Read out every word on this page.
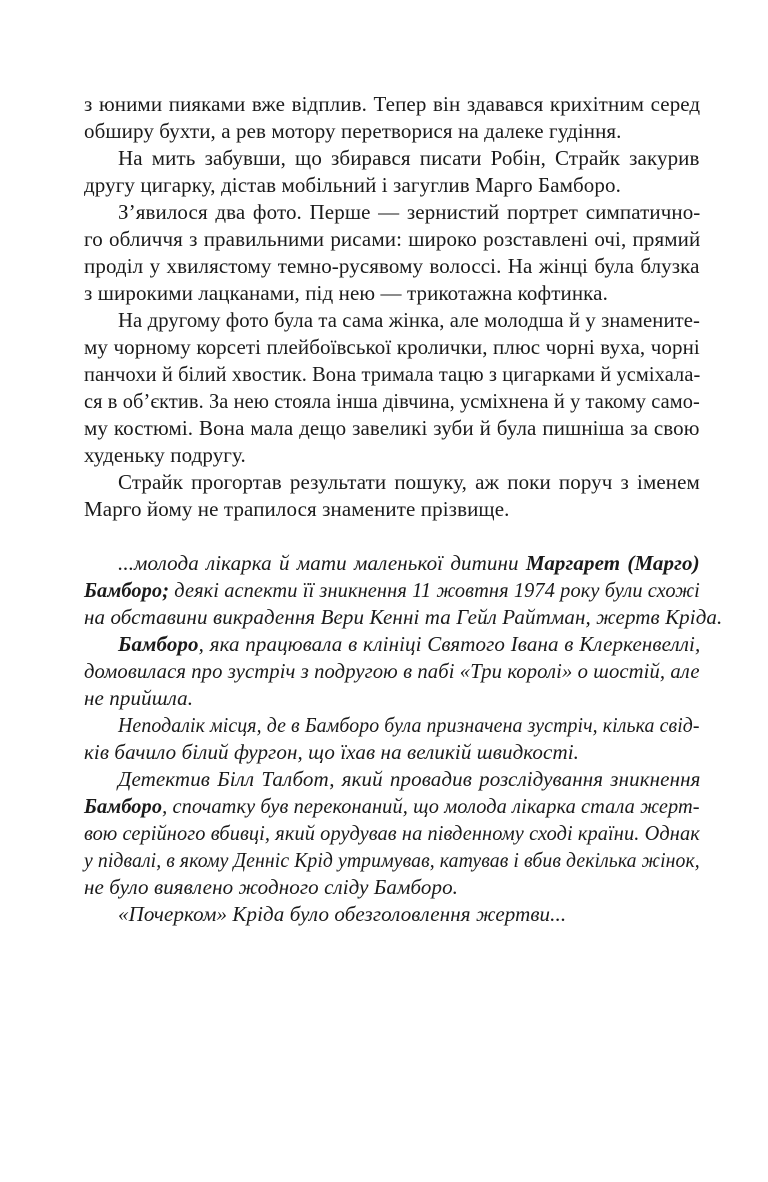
з юними пияками вже відплив. Тепер він здавався крихітним серед
обширу бухти, а рев мотору перетворися на далеке гудіння.
На мить забувши, що збирався писати Робін, Страйк закурив
другу цигарку, дістав мобільний і загуглив Марго Бамборо.
З’явилося два фото. Перше — зернистий портрет симпатично-
го обличчя з правильними рисами: широко розставлені очі, прямий
проділ у хвилястому темно-русявому волоссі. На жінці була блузка
з широкими лацканами, під нею — трикотажна кофтинка.
На другому фото була та сама жінка, але молодша й у знамените-
му чорному корсеті плейбоївської кролички, плюс чорні вуха, чорні
панчохи й білий хвостик. Вона тримала тацю з цигарками й усміхала-
ся в об’єктив. За нею стояла інша дівчина, усміхнена й у такому само-
му костюмі. Вона мала дещо завеликі зуби й була пишніша за свою
худеньку подругу.
Страйк прогортав результати пошуку, аж поки поруч з іменем
Марго йому не трапилося знамените прізвище.
...молода лікарка й мати маленької дитини Маргарет (Марго)
Бамборо; деякі аспекти її зникнення 11 жовтня 1974 року були схожі
на обставини викрадення Вери Кенні та Гейл Райтман, жертв Кріда.
Бамборо, яка працювала в клініці Святого Івана в Клеркенвеллі,
домовилася про зустріч з подругою в пабі «Три королі» о шостій, але
не прийшла.
Неподалік місця, де в Бамборо була призначена зустріч, кілька свід-
ків бачило білий фургон, що їхав на великій швидкості.
Детектив Білл Талбот, який провадив розслідування зникнення
Бамборо, спочатку був переконаний, що молода лікарка стала жерт-
вою серійного вбивці, який орудував на південному сході країни. Однак
у підвалі, в якому Денніс Крід утримував, катував і вбив декілька жінок,
не було виявлено жодного сліду Бамборо.
«Почерком» Кріда було обезголовлення жертви...
